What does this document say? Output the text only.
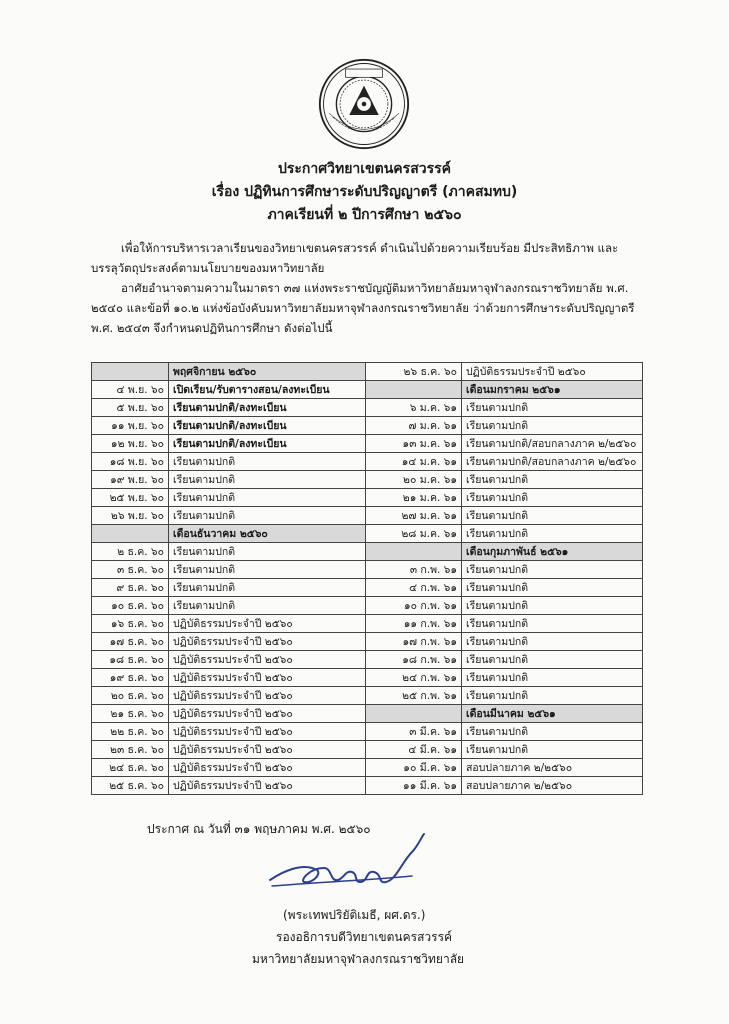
ประกาศวิทยาเขตนครสวรรค์
เรื่อง ปฏิทินการศึกษาระดับปริญญาตรี (ภาคสมทบ)
ภาคเรียนที่ ๒ ปีการศึกษา ๒๕๖๐
เพื่อให้การบริหารเวลาเรียนของวิทยาเขตนครสวรรค์ ดำเนินไปด้วยความเรียบร้อย มีประสิทธิภาพ และ
บรรลุวัตถุประสงค์ตามนโยบายของมหาวิทยาลัย
อาศัยอำนาจตามความในมาตรา ๓๗ แห่งพระราชบัญญัติมหาวิทยาลัยมหาจุฬาลงกรณราชวิทยาลัย พ.ศ.
๒๕๔๐ และข้อที่ ๑๐.๒ แห่งข้อบังคับมหาวิทยาลัยมหาจุฬาลงกรณราชวิทยาลัย ว่าด้วยการศึกษาระดับปริญญาตรี
พ.ศ. ๒๕๔๓ จึงกำหนดปฏิทินการศึกษา ดังต่อไปนี้
	พฤศจิกายน ๒๕๖๐	๒๖ ธ.ค. ๖๐	ปฏิบัติธรรมประจำปี ๒๕๖๐
๔ พ.ย. ๖๐	เปิดเรียน/รับตารางสอน/ลงทะเบียน		เดือนมกราคม ๒๕๖๑
๕ พ.ย. ๖๐	เรียนตามปกติ/ลงทะเบียน	๖ ม.ค. ๖๑	เรียนตามปกติ
๑๑ พ.ย. ๖๐	เรียนตามปกติ/ลงทะเบียน	๗ ม.ค. ๖๑	เรียนตามปกติ
๑๒ พ.ย. ๖๐	เรียนตามปกติ/ลงทะเบียน	๑๓ ม.ค. ๖๑	เรียนตามปกติ/สอบกลางภาค ๒/๒๕๖๐
๑๘ พ.ย. ๖๐	เรียนตามปกติ	๑๔ ม.ค. ๖๑	เรียนตามปกติ/สอบกลางภาค ๒/๒๕๖๐
๑๙ พ.ย. ๖๐	เรียนตามปกติ	๒๐ ม.ค. ๖๑	เรียนตามปกติ
๒๕ พ.ย. ๖๐	เรียนตามปกติ	๒๑ ม.ค. ๖๑	เรียนตามปกติ
๒๖ พ.ย. ๖๐	เรียนตามปกติ	๒๗ ม.ค. ๖๑	เรียนตามปกติ
	เดือนธันวาคม ๒๕๖๐	๒๘ ม.ค. ๖๑	เรียนตามปกติ
๒ ธ.ค. ๖๐	เรียนตามปกติ		เดือนกุมภาพันธ์ ๒๕๖๑
๓ ธ.ค. ๖๐	เรียนตามปกติ	๓ ก.พ. ๖๑	เรียนตามปกติ
๙ ธ.ค. ๖๐	เรียนตามปกติ	๔ ก.พ. ๖๑	เรียนตามปกติ
๑๐ ธ.ค. ๖๐	เรียนตามปกติ	๑๐ ก.พ. ๖๑	เรียนตามปกติ
๑๖ ธ.ค. ๖๐	ปฏิบัติธรรมประจำปี ๒๕๖๐	๑๑ ก.พ. ๖๑	เรียนตามปกติ
๑๗ ธ.ค. ๖๐	ปฏิบัติธรรมประจำปี ๒๕๖๐	๑๗ ก.พ. ๖๑	เรียนตามปกติ
๑๘ ธ.ค. ๖๐	ปฏิบัติธรรมประจำปี ๒๕๖๐	๑๘ ก.พ. ๖๑	เรียนตามปกติ
๑๙ ธ.ค. ๖๐	ปฏิบัติธรรมประจำปี ๒๕๖๐	๒๔ ก.พ. ๖๑	เรียนตามปกติ
๒๐ ธ.ค. ๖๐	ปฏิบัติธรรมประจำปี ๒๕๖๐	๒๕ ก.พ. ๖๑	เรียนตามปกติ
๒๑ ธ.ค. ๖๐	ปฏิบัติธรรมประจำปี ๒๕๖๐		เดือนมีนาคม ๒๕๖๑
๒๒ ธ.ค. ๖๐	ปฏิบัติธรรมประจำปี ๒๕๖๐	๓ มี.ค. ๖๑	เรียนตามปกติ
๒๓ ธ.ค. ๖๐	ปฏิบัติธรรมประจำปี ๒๕๖๐	๔ มี.ค. ๖๑	เรียนตามปกติ
๒๔ ธ.ค. ๖๐	ปฏิบัติธรรมประจำปี ๒๕๖๐	๑๐ มี.ค. ๖๑	สอบปลายภาค ๒/๒๕๖๐
๒๕ ธ.ค. ๖๐	ปฏิบัติธรรมประจำปี ๒๕๖๐	๑๑ มี.ค. ๖๑	สอบปลายภาค ๒/๒๕๖๐
ประกาศ ณ วันที่ ๓๑ พฤษภาคม พ.ศ. ๒๕๖๐
(พระเทพปริยัติเมธี, ผศ.ดร.)
รองอธิการบดีวิทยาเขตนครสวรรค์
มหาวิทยาลัยมหาจุฬาลงกรณราชวิทยาลัย
